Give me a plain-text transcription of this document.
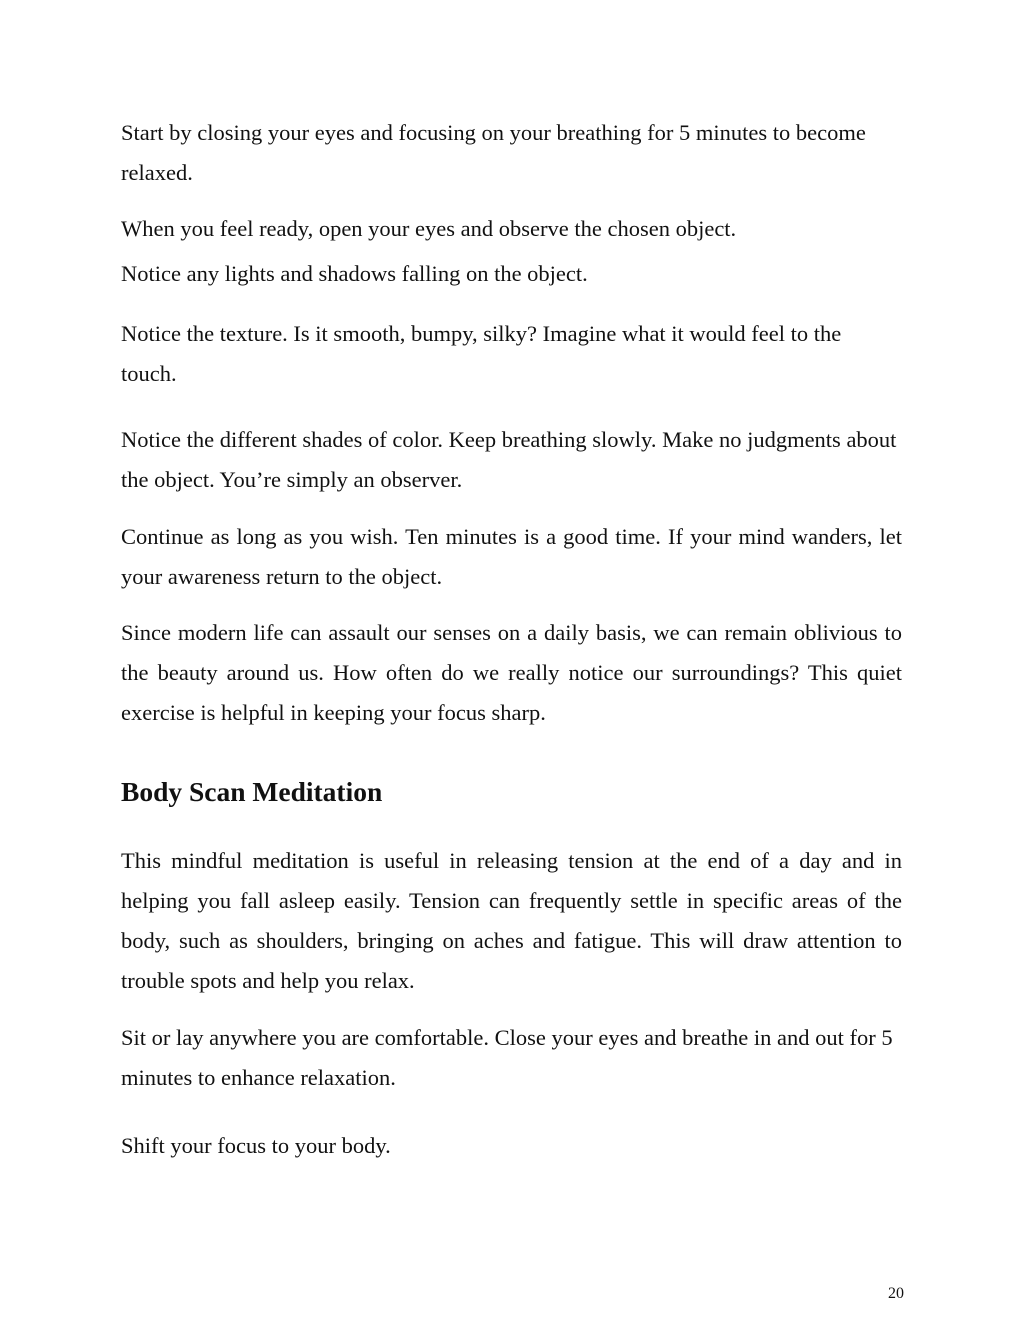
Start by closing your eyes and focusing on your breathing for 5 minutes to become relaxed.

When you feel ready, open your eyes and observe the chosen object.

Notice any lights and shadows falling on the object.

Notice the texture. Is it smooth, bumpy, silky? Imagine what it would feel to the touch.

Notice the different shades of color. Keep breathing slowly. Make no judgments about the object. You’re simply an observer.

Continue as long as you wish. Ten minutes is a good time. If your mind wanders, let your awareness return to the object.

Since modern life can assault our senses on a daily basis, we can remain oblivious to the beauty around us. How often do we really notice our surroundings? This quiet exercise is helpful in keeping your focus sharp.

Body Scan Meditation

This mindful meditation is useful in releasing tension at the end of a day and in helping you fall asleep easily. Tension can frequently settle in specific areas of the body, such as shoulders, bringing on aches and fatigue. This will draw attention to trouble spots and help you relax.

Sit or lay anywhere you are comfortable. Close your eyes and breathe in and out for 5 minutes to enhance relaxation.

Shift your focus to your body.

20
